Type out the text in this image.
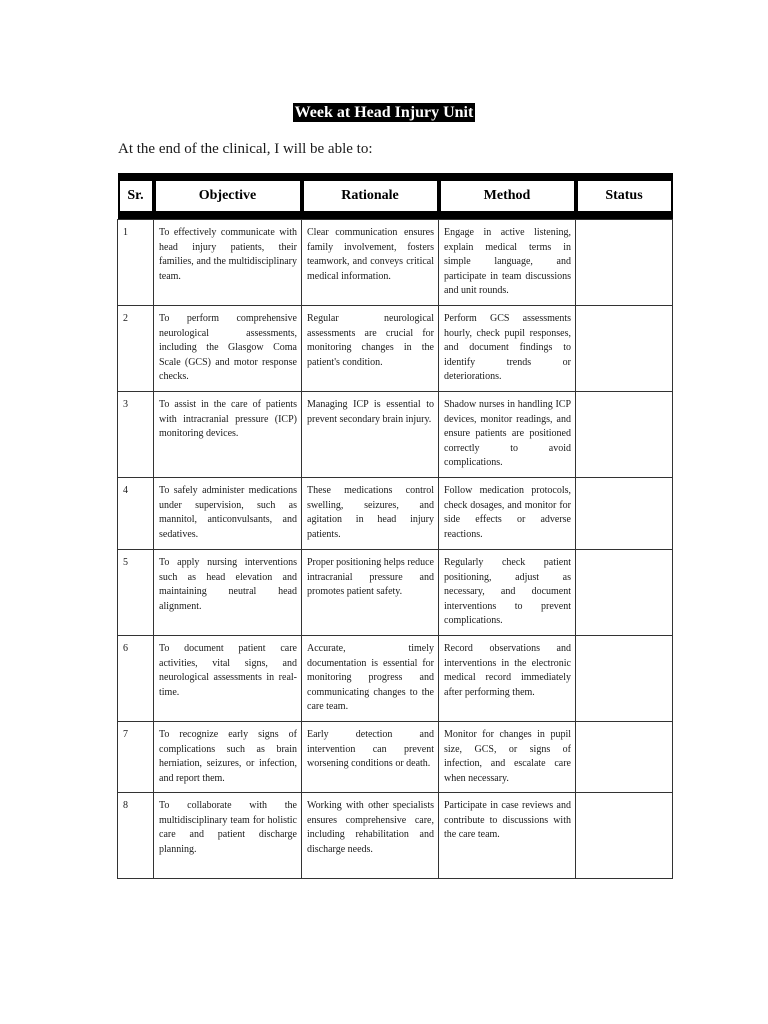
Week at Head Injury Unit
At the end of the clinical, I will be able to:
Sr.	Objective	Rationale	Method	Status
1	To effectively communicate with head injury patients, their families, and the multidisciplinary team.	Clear communication ensures family involvement, fosters teamwork, and conveys critical medical information.	Engage in active listening, explain medical terms in simple language, and participate in team discussions and unit rounds.	
2	To perform comprehensive neurological assessments, including the Glasgow Coma Scale (GCS) and motor response checks.	Regular neurological assessments are crucial for monitoring changes in the patient's condition.	Perform GCS assessments hourly, check pupil responses, and document findings to identify trends or deteriorations.	
3	To assist in the care of patients with intracranial pressure (ICP) monitoring devices.	Managing ICP is essential to prevent secondary brain injury.	Shadow nurses in handling ICP devices, monitor readings, and ensure patients are positioned correctly to avoid complications.	
4	To safely administer medications under supervision, such as mannitol, anticonvulsants, and sedatives.	These medications control swelling, seizures, and agitation in head injury patients.	Follow medication protocols, check dosages, and monitor for side effects or adverse reactions.	
5	To apply nursing interventions such as head elevation and maintaining neutral head alignment.	Proper positioning helps reduce intracranial pressure and promotes patient safety.	Regularly check patient positioning, adjust as necessary, and document interventions to prevent complications.	
6	To document patient care activities, vital signs, and neurological assessments in real-time.	Accurate, timely documentation is essential for monitoring progress and communicating changes to the care team.	Record observations and interventions in the electronic medical record immediately after performing them.	
7	To recognize early signs of complications such as brain herniation, seizures, or infection, and report them.	Early detection and intervention can prevent worsening conditions or death.	Monitor for changes in pupil size, GCS, or signs of infection, and escalate care when necessary.	
8	To collaborate with the multidisciplinary team for holistic care and patient discharge planning.	Working with other specialists ensures comprehensive care, including rehabilitation and discharge needs.	Participate in case reviews and contribute to discussions with the care team.	
